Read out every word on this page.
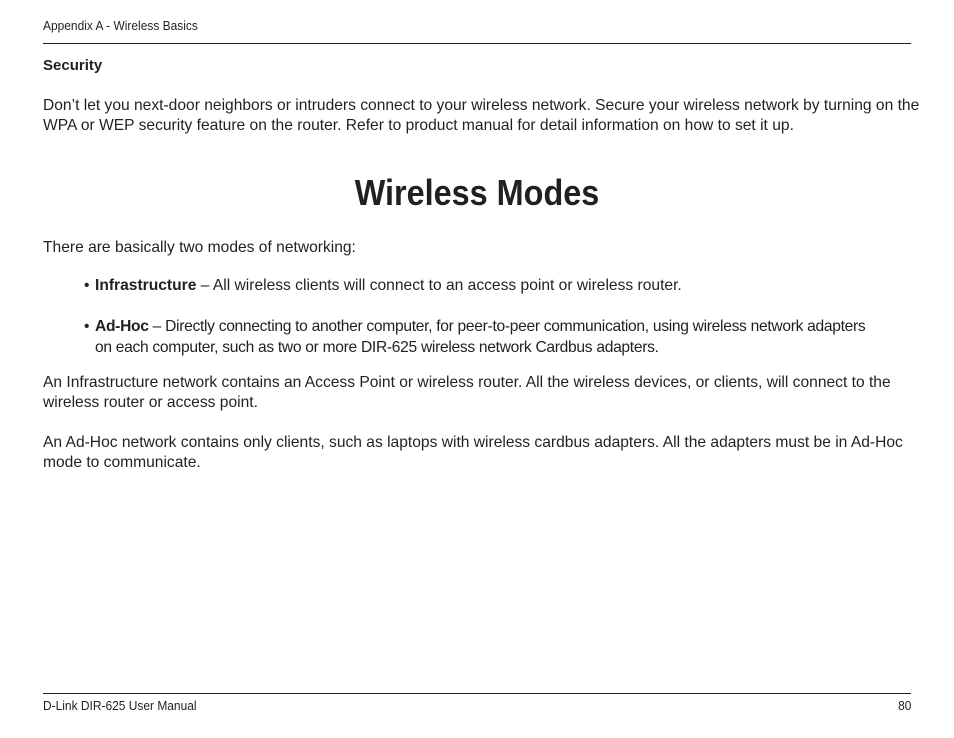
Appendix A - Wireless Basics
Security

Don’t let you next-door neighbors or intruders connect to your wireless network. Secure your wireless network by turning on the WPA or WEP security feature on the router. Refer to product manual for detail information on how to set it up.

Wireless Modes

There are basically two modes of networking:

• Infrastructure – All wireless clients will connect to an access point or wireless router.
• Ad-Hoc – Directly connecting to another computer, for peer-to-peer communication, using wireless network adapters on each computer, such as two or more DIR-625 wireless network Cardbus adapters.

An Infrastructure network contains an Access Point or wireless router. All the wireless devices, or clients, will connect to the wireless router or access point.

An Ad-Hoc network contains only clients, such as laptops with wireless cardbus adapters. All the adapters must be in Ad-Hoc mode to communicate.

D-Link DIR-625 User Manual	80
